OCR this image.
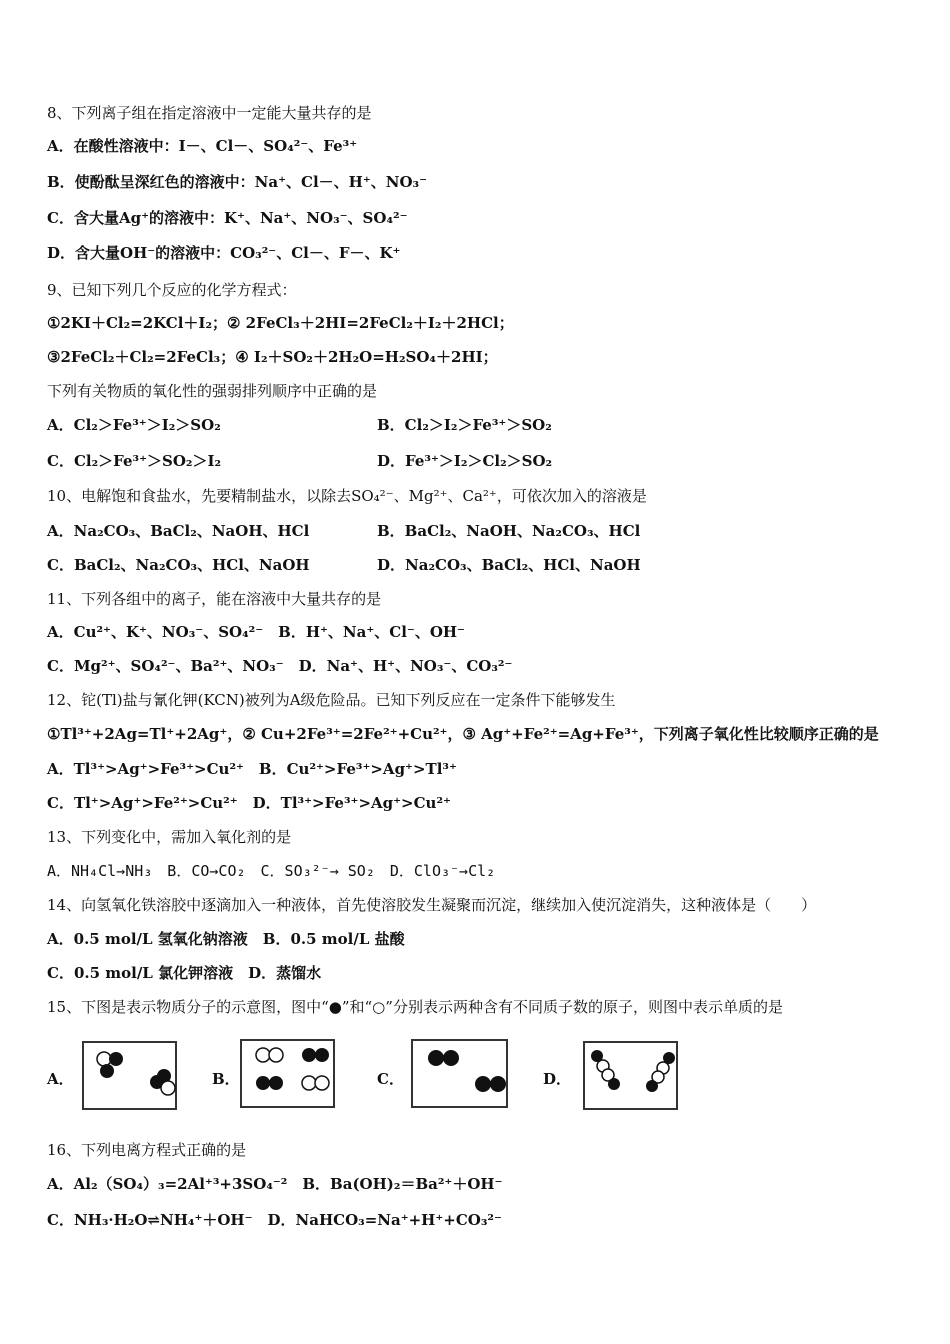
8、下列离子组在指定溶液中一定能大量共存的是
A．在酸性溶液中：I－、Cl－、SO₄²⁻、Fe³⁺
B．使酚酞呈深红色的溶液中：Na⁺、Cl－、H⁺、NO₃⁻
C．含大量Ag⁺的溶液中：K⁺、Na⁺、NO₃⁻、SO₄²⁻
D．含大量OH⁻的溶液中：CO₃²⁻、Cl－、F－、K⁺
9、已知下列几个反应的化学方程式：
①2KI＋Cl₂=2KCl＋I₂；② 2FeCl₃＋2HI=2FeCl₂＋I₂＋2HCl；
③2FeCl₂＋Cl₂=2FeCl₃；④ I₂＋SO₂＋2H₂O=H₂SO₄＋2HI；
下列有关物质的氧化性的强弱排列顺序中正确的是
A．Cl₂＞Fe³⁺＞I₂＞SO₂	B．Cl₂＞I₂＞Fe³⁺＞SO₂
C．Cl₂＞Fe³⁺＞SO₂＞I₂	D．Fe³⁺＞I₂＞Cl₂＞SO₂
10、电解饱和食盐水，先要精制盐水，以除去SO₄²⁻、Mg²⁺、Ca²⁺，可依次加入的溶液是
A．Na₂CO₃、BaCl₂、NaOH、HCl	B．BaCl₂、NaOH、Na₂CO₃、HCl
C．BaCl₂、Na₂CO₃、HCl、NaOH	D．Na₂CO₃、BaCl₂、HCl、NaOH
11、下列各组中的离子，能在溶液中大量共存的是
A．Cu²⁺、K⁺、NO₃⁻、SO₄²⁻　B．H⁺、Na⁺、Cl⁻、OH⁻
C．Mg²⁺、SO₄²⁻、Ba²⁺、NO₃⁻　D．Na⁺、H⁺、NO₃⁻、CO₃²⁻
12、铊(Tl)盐与氰化钾(KCN)被列为A级危险品。已知下列反应在一定条件下能够发生
①Tl³⁺+2Ag=Tl⁺+2Ag⁺，② Cu+2Fe³⁺=2Fe²⁺+Cu²⁺，③ Ag⁺+Fe²⁺=Ag+Fe³⁺，下列离子氧化性比较顺序正确的是
A．Tl³⁺>Ag⁺>Fe³⁺>Cu²⁺　B．Cu²⁺>Fe³⁺>Ag⁺>Tl³⁺
C．Tl⁺>Ag⁺>Fe²⁺>Cu²⁺　D．Tl³⁺>Fe³⁺>Ag⁺>Cu²⁺
13、下列变化中，需加入氧化剂的是
A．NH₄Cl→NH₃　B．CO→CO₂　C．SO₃²⁻→ SO₂　D．ClO₃⁻→Cl₂
14、向氢氧化铁溶胶中逐滴加入一种液体，首先使溶胶发生凝聚而沉淀，继续加入使沉淀消失，这种液体是（　　）
A．0.5 mol/L 氢氧化钠溶液　B．0.5 mol/L 盐酸
C．0.5 mol/L 氯化钾溶液　D．蒸馏水
15、下图是表示物质分子的示意图，图中“●”和“○”分别表示两种含有不同质子数的原子，则图中表示单质的是
A．	B．	C．	D．
16、下列电离方程式正确的是
A．Al₂（SO₄）₃=2Al⁺³+3SO₄⁻²　B．Ba(OH)₂＝Ba²⁺＋OH⁻
C．NH₃·H₂O⇌NH₄⁺＋OH⁻　D．NaHCO₃=Na⁺+H⁺+CO₃²⁻
